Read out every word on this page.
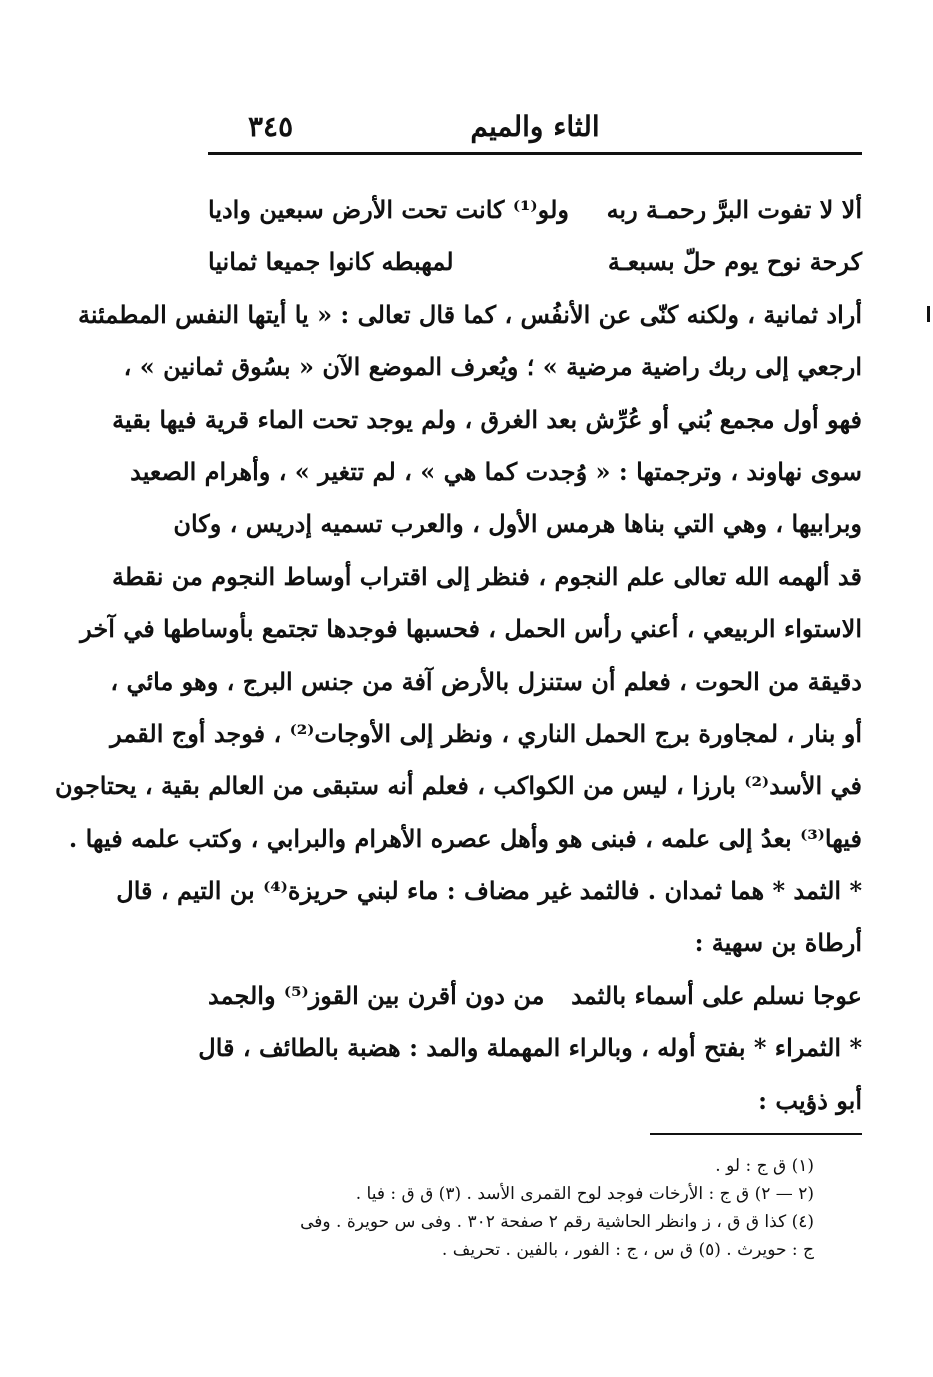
٣٤٥	الثاء والميم
ألا لا تفوت البرَّ رحمـة ربه
ولو⁽¹⁾ كانت تحت الأرض سبعين واديا
كرحة نوح يوم حلّ بسبعـة
لمهبطه كانوا جميعا ثمانيا
أراد ثمانية ، ولكنه كنّى عن الأنفُس ، كما قال تعالى : « يا أيتها النفس المطمئنة
ارجعي إلى ربك راضية مرضية » ؛ ويُعرف الموضع الآن « بسُوق ثمانين » ،
فهو أول مجمع بُني أو عُرِّش بعد الغرق ، ولم يوجد تحت الماء قرية فيها بقية
سوى نهاوند ، وترجمتها : « وُجدت كما هي » ، لم تتغير » ، وأهرام الصعيد
وبرابيها ، وهي التي بناها هرمس الأول ، والعرب تسميه إدريس ، وكان
قد ألهمه الله تعالى علم النجوم ، فنظر إلى اقتراب أوساط النجوم من نقطة
الاستواء الربيعي ، أعني رأس الحمل ، فحسبها فوجدها تجتمع بأوساطها في آخر
دقيقة من الحوت ، فعلم أن ستنزل بالأرض آفة من جنس البرج ، وهو مائي ،
أو بنار ، لمجاورة برج الحمل الناري ، ونظر إلى الأوجات⁽²⁾ ، فوجد أوج القمر
في الأسد⁽²⁾ بارزا ، ليس من الكواكب ، فعلم أنه ستبقى من العالم بقية ، يحتاجون
فيها⁽³⁾ بعدُ إلى علمه ، فبنى هو وأهل عصره الأهرام والبرابي ، وكتب علمه فيها .
* الثمد * هما ثمدان . فالثمد غير مضاف : ماء لبني حريزة⁽⁴⁾ بن التيم ، قال
أرطاة بن سهية :
عوجا نسلم على أسماء بالثمد
من دون أقرن بين القوز⁽⁵⁾ والجمد
* الثمراء * بفتح أوله ، وبالراء المهملة والمد : هضبة بالطائف ، قال
أبو ذؤيب :
(١) ق ج : لو .
(٢ — ٢) ق ج : الأرخات فوجد لوح القمرى الأسد . (٣) ق ق : فيا .
(٤) كذا ق ق ، ز وانظر الحاشية رقم ٢ صفحة ٣٠٢ . وفى س حويرة . وفى
ج : حويرث . (٥) ق س ، ج : الفور ، بالفين . تحريف .
